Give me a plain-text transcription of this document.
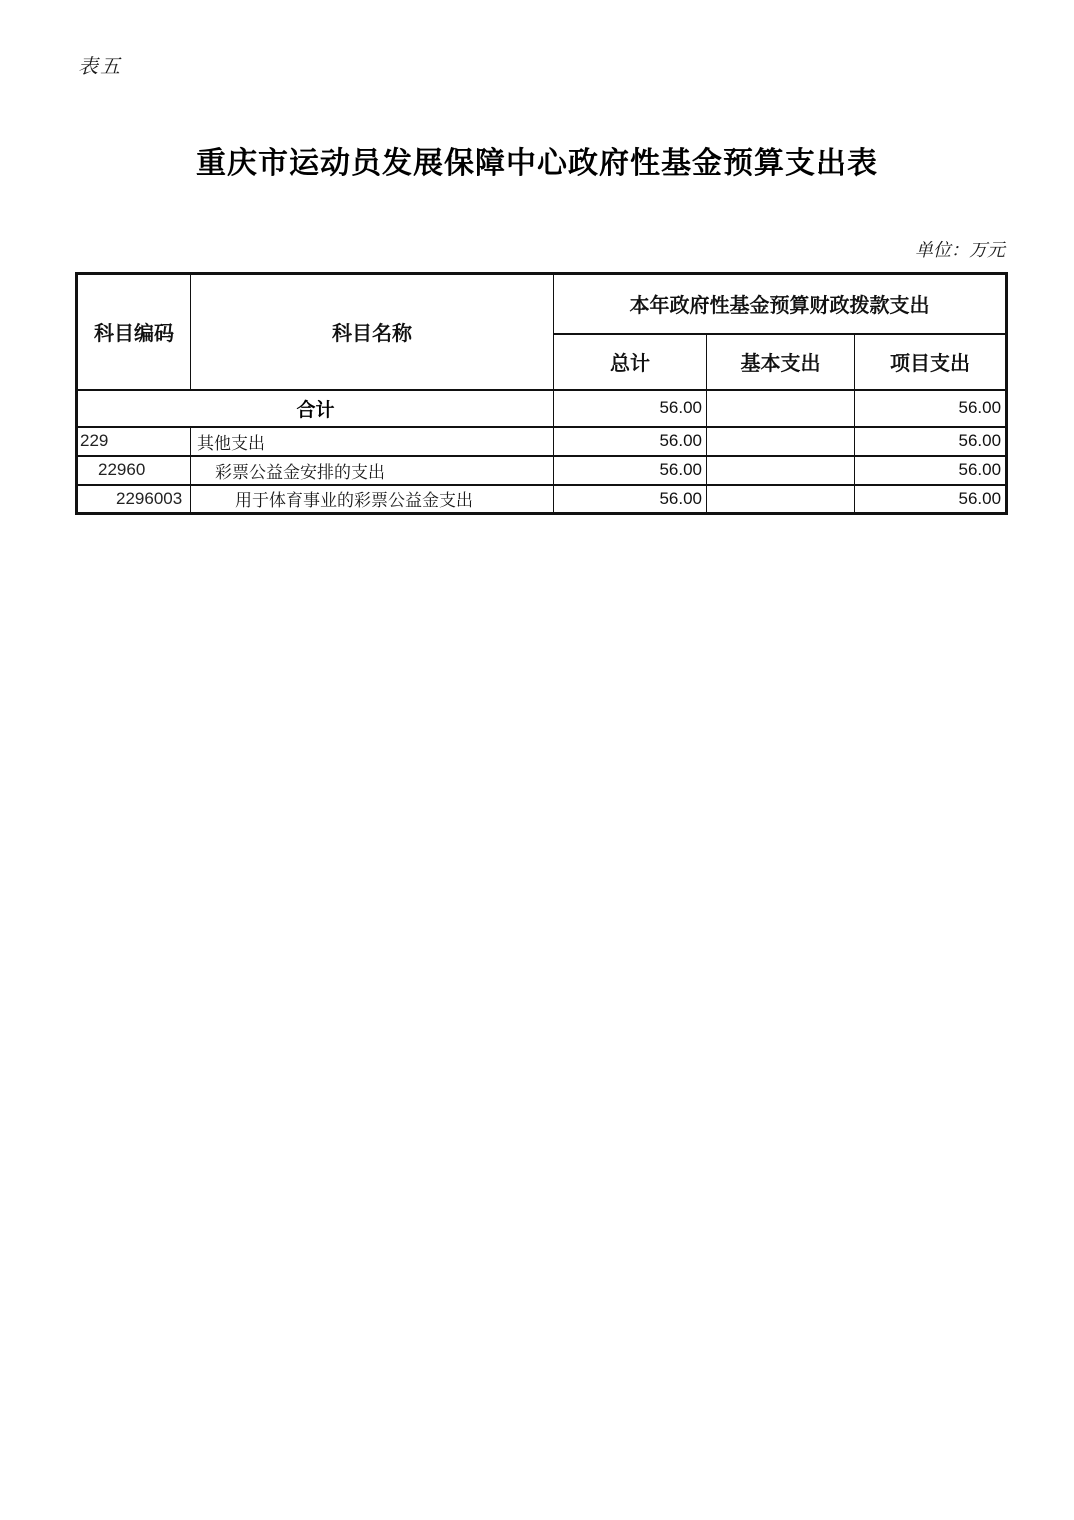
表五
重庆市运动员发展保障中心政府性基金预算支出表
单位：万元
科目编码	科目名称	本年政府性基金预算财政拨款支出		
		总计	基本支出	项目支出
合计		56.00		56.00
229	其他支出	56.00		56.00
22960	彩票公益金安排的支出	56.00		56.00
2296003	用于体育事业的彩票公益金支出	56.00		56.00
